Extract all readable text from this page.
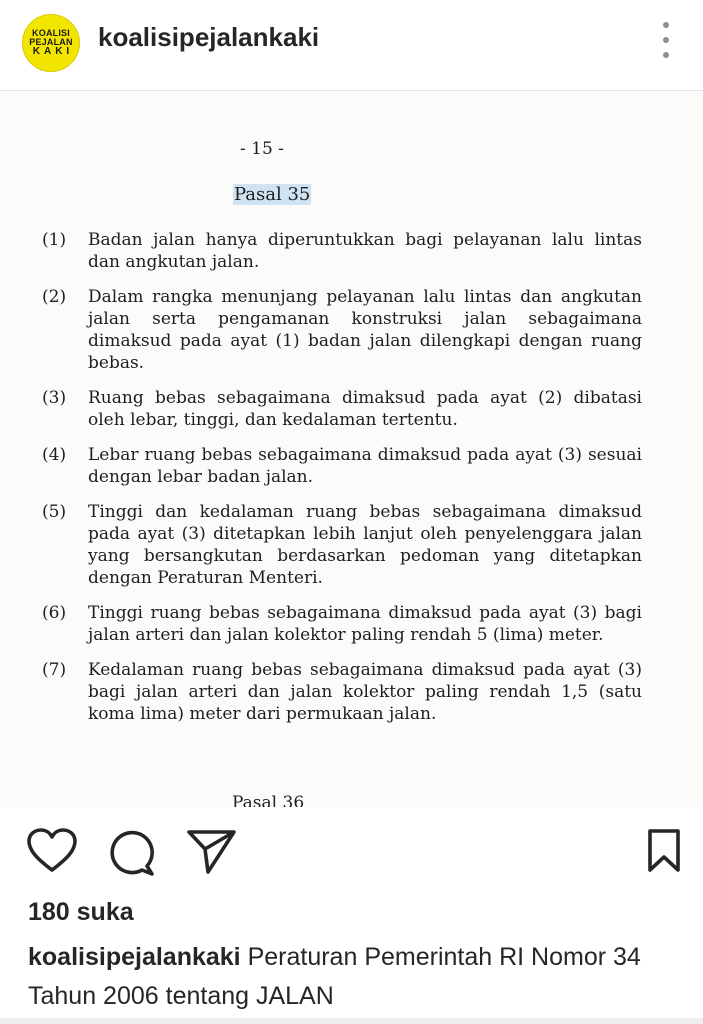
KOALISI
PEJALAN
KAKI koalisipejalankaki
- 15 -
Pasal 35
(1)	Badan jalan hanya diperuntukkan bagi pelayanan lalu lintas dan angkutan jalan.
(2)	Dalam rangka menunjang pelayanan lalu lintas dan angkutan jalan serta pengamanan konstruksi jalan sebagaimana dimaksud pada ayat (1) badan jalan dilengkapi dengan ruang bebas.
(3)	Ruang bebas sebagaimana dimaksud pada ayat (2) dibatasi oleh lebar, tinggi, dan kedalaman tertentu.
(4)	Lebar ruang bebas sebagaimana dimaksud pada ayat (3) sesuai dengan lebar badan jalan.
(5)	Tinggi dan kedalaman ruang bebas sebagaimana dimaksud pada ayat (3) ditetapkan lebih lanjut oleh penyelenggara jalan yang bersangkutan berdasarkan pedoman yang ditetapkan dengan Peraturan Menteri.
(6)	Tinggi ruang bebas sebagaimana dimaksud pada ayat (3) bagi jalan arteri dan jalan kolektor paling rendah 5 (lima) meter.
(7)	Kedalaman ruang bebas sebagaimana dimaksud pada ayat (3) bagi jalan arteri dan jalan kolektor paling rendah 1,5 (satu koma lima) meter dari permukaan jalan.
Pasal 36
180 suka
koalisipejalankaki Peraturan Pemerintah RI Nomor 34 Tahun 2006 tentang JALAN
